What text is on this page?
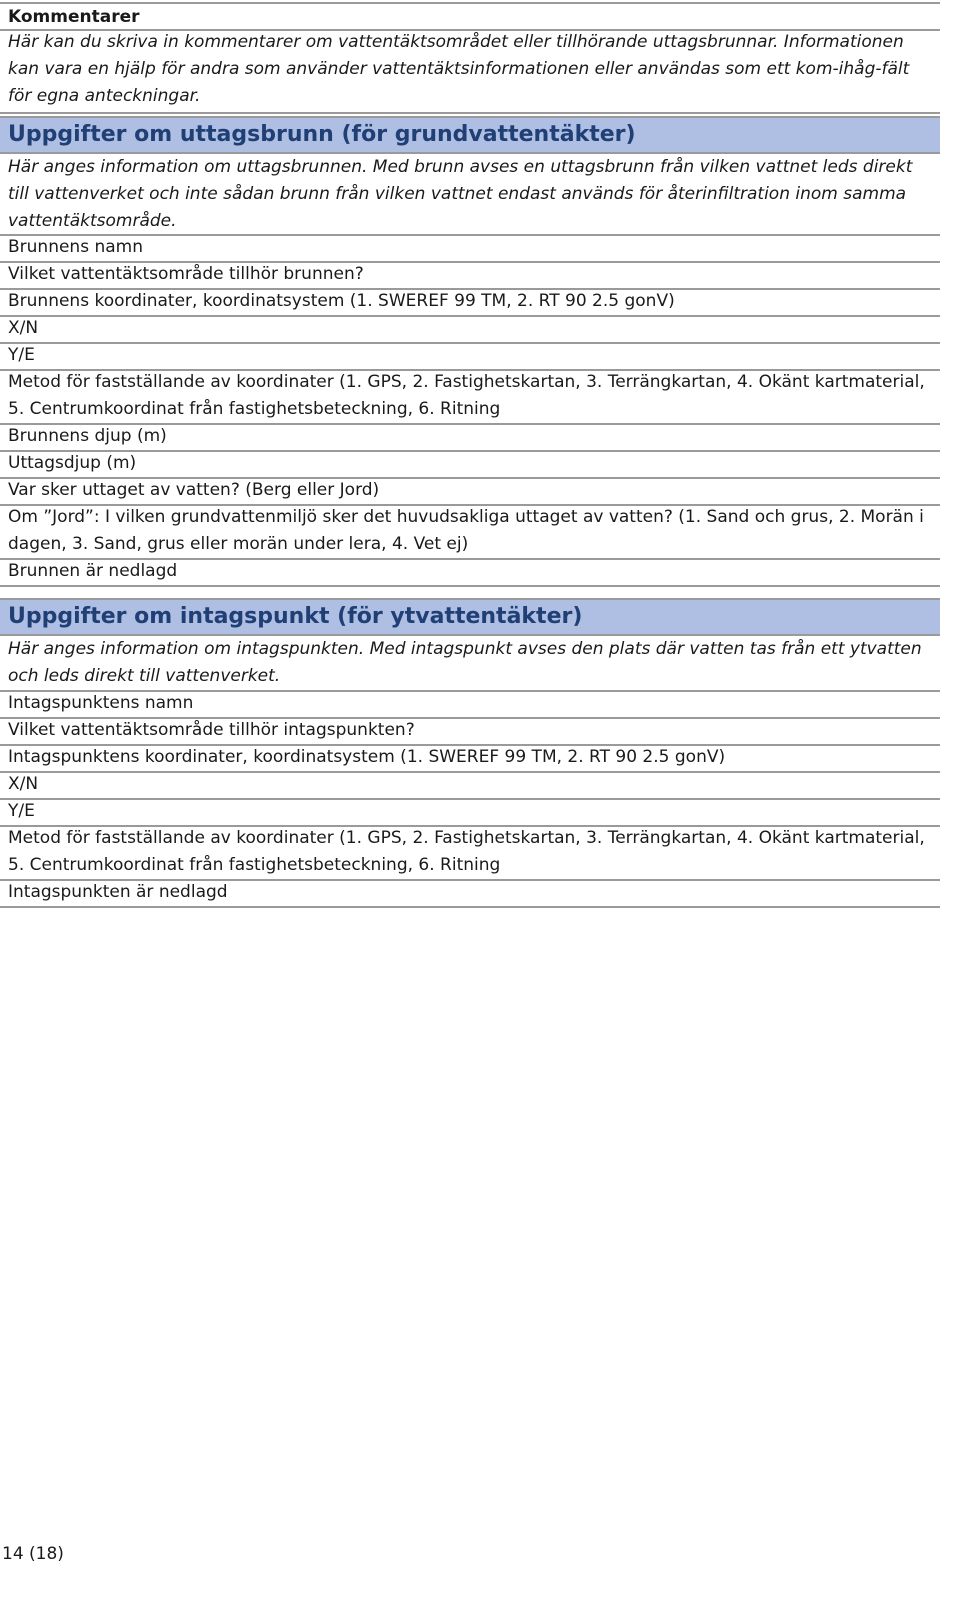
Kommentarer
Här kan du skriva in kommentarer om vattentäktsområdet eller tillhörande uttagsbrunnar. Informationen kan vara en hjälp för andra som använder vattentäktsinformationen eller användas som ett kom-ihåg-fält för egna anteckningar.
Uppgifter om uttagsbrunn (för grundvattentäkter)
Här anges information om uttagsbrunnen. Med brunn avses en uttagsbrunn från vilken vattnet leds direkt till vattenverket och inte sådan brunn från vilken vattnet endast används för återinfiltration inom samma vattentäktsområde.
Brunnens namn
Vilket vattentäktsområde tillhör brunnen?
Brunnens koordinater, koordinatsystem (1. SWEREF 99 TM, 2. RT 90 2.5 gonV)
X/N
Y/E
Metod för fastställande av koordinater (1. GPS, 2. Fastighetskartan, 3. Terrängkartan, 4. Okänt kartmaterial, 5. Centrumkoordinat från fastighetsbeteckning, 6. Ritning
Brunnens djup (m)
Uttagsdjup (m)
Var sker uttaget av vatten? (Berg eller Jord)
Om ”Jord”: I vilken grundvattenmiljö sker det huvudsakliga uttaget av vatten? (1. Sand och grus, 2. Morän i dagen, 3. Sand, grus eller morän under lera, 4. Vet ej)
Brunnen är nedlagd
Uppgifter om intagspunkt (för ytvattentäkter)
Här anges information om intagspunkten. Med intagspunkt avses den plats där vatten tas från ett ytvatten och leds direkt till vattenverket.
Intagspunktens namn
Vilket vattentäktsområde tillhör intagspunkten?
Intagspunktens koordinater, koordinatsystem (1. SWEREF 99 TM, 2. RT 90 2.5 gonV)
X/N
Y/E
Metod för fastställande av koordinater (1. GPS, 2. Fastighetskartan, 3. Terrängkartan, 4. Okänt kartmaterial, 5. Centrumkoordinat från fastighetsbeteckning, 6. Ritning
Intagspunkten är nedlagd
14 (18)
